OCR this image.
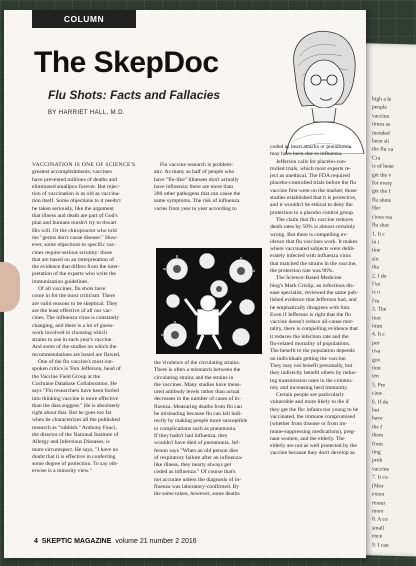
high a le
people
vaccine.
times as
mended
been sh
the flu va
Cra
is of bene
get the v
for every
get the f
flu shots
Her
cious rea
flu shot
1. It c
in t
tine
sin
tha
2. I do
I've
is n
I'm
3. The
tion
imm
4. It c
por
tiva
gov
tion
ten
5. Pre
caus
6. If do
but
have
the f
them
from
ting
prob
vaccine
7. It co
(Mor
exten
resear
more
8. A co
small
ence
9. I can
COLUMN
The SkepDoc
Flu Shots: Facts and Fallacies
BY HARRIET HALL, M.D.

VACCINATION IS ONE OF SCIENCE'S

greatest accomplishments; vaccines

have prevented millions of deaths and

eliminated smallpox forever. But rejec-

tion of vaccination is as old as vaccina-

tion itself. Some objections to it needn't

be taken seriously, like the argument

that illness and death are part of God's

plan and humans mustn't try to thwart

His will. Or the chiropractor who told

me "germs don't cause disease." How-

ever, some objections to specific vac-

cines require serious scrutiny: those

that are based on an interpretation of

the evidence that differs from the inter-

pretation of the experts who write the

immunization guidelines.

Of all vaccines, flu shots have

come in for the most criticism. There

are valid reasons to be skeptical. They

are the least effective of all our vac-

cines. The influenza virus is constantly

changing, and there is a lot of guess-

work involved in choosing which

strains to use in each year's vaccine.

And some of the studies on which the

recommendations are based are flawed.

One of the flu vaccine's most out-

spoken critics is Tom Jefferson, head of

the Vaccine Field Group at the

Cochrane Database Collaboration. He

says "Flu researchers have been fooled

into thinking vaccine is more effective

than the data suggest." He is absolutely

right about that. But he goes too far

when he characterizes all the published

research as "rubbish." Anthony Fauci,

the director of the National Institute of

Allergy and Infectious Diseases, is

more circumspect. He says, "I have no

doubt that it is effective in conferring

some degree of protection. To say oth-

erwise is a minority view."

Flu vaccine research is problem-

atic. As many as half of people who

have "flu-like" illnesses don't actually

have influenza; there are more than

200 other pathogens that can cause the

same symptoms. The risk of influenza

varies from year to year according to

the virulence of the circulating strains.

There is often a mismatch between the

circulating strains and the strains in

the vaccines. Many studies have meas-

ured antibody levels rather than actual

decreases in the number of cases of in-

fluenza. Measuring deaths from flu can

be misleading because flu can kill indi-

rectly by making people more susceptible

to complications such as pneumonia.

If they hadn't had influenza, they

wouldn't have died of pneumonia. Jef-

ferson says "When an old person dies

of respiratory failure after an influenza-

like illness, they nearly always get

coded as influenza." Of course that's

not accurate unless the diagnosis of in-

fluenza was laboratory-confirmed. By

the same token, however, some deaths

coded as heart attacks or pneumonia

may have been due to influenza.

Jefferson calls for placebo-con-

trolled trials, which most experts re-

ject as unethical. The FDA required

placebo-controlled trials before the flu

vaccine first went on the market; those

studies established that it is protective,

and it wouldn't be ethical to deny the

protection to a placebo control group.

The claim that flu vaccine reduces

death rates by 50% is almost certainly

wrong. But there is compelling ev-

idence that flu vaccines work. It makes

where vaccinated subjects were delib-

erately infected with influenza virus

that matched the strains in the vaccine,

the protection rate was 96%.

The Science-Based Medicine

blog's Mark Crislip, an infectious dis-

ease specialist, reviewed the same pub-

lished evidence that Jefferson had, and

he emphatically disagrees with him.

Even if Jefferson is right that the flu

vaccine doesn't reduce all-cause mor-

tality, there is compelling evidence that

it reduces the infection rate and the

flu-related mortality of populations.

The benefit to the population depends

on individuals getting the vaccine.

They may not benefit personally, but

they indirectly benefit others by reduc-

ing transmission rates in the commu-

nity and increasing herd immunity.

Certain people are particularly

vulnerable and more likely to die if

they get the flu: infants too young to be

vaccinated, the immune compromised

(whether from disease or from im-

mune-suppressing medications), preg-

nant women, and the elderly. The

elderly are not as well protected by the

vaccine because they don't develop as

4 SKEPTIC MAGAZINE volume 21 number 2 2016
